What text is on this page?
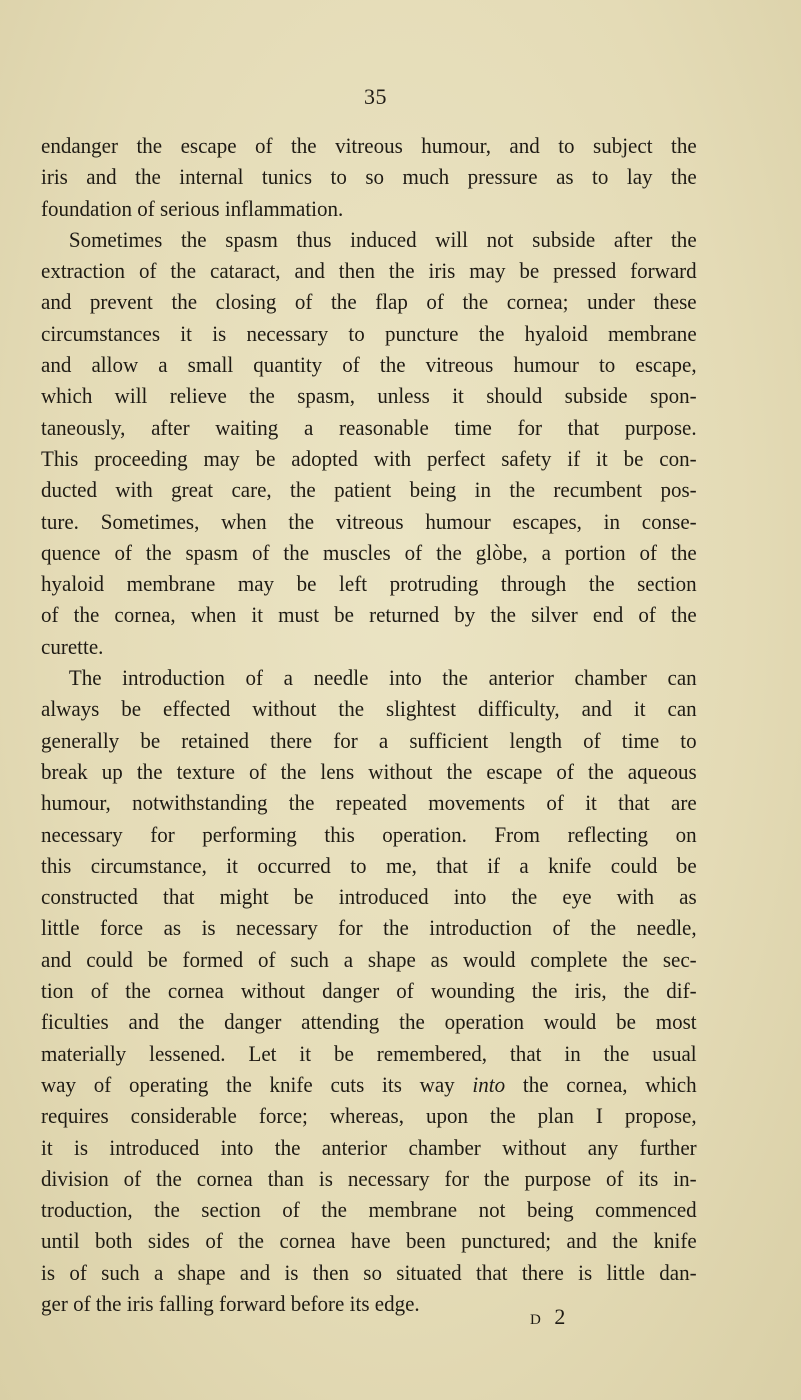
35
endanger the escape of the vitreous humour, and to subject the
iris and the internal tunics to so much pressure as to lay the
foundation of serious inflammation.
Sometimes the spasm thus induced will not subside after the
extraction of the cataract, and then the iris may be pressed forward
and prevent the closing of the flap of the cornea; under these
circumstances it is necessary to puncture the hyaloid membrane
and allow a small quantity of the vitreous humour to escape,
which will relieve the spasm, unless it should subside spon-
taneously, after waiting a reasonable time for that purpose.
This proceeding may be adopted with perfect safety if it be con-
ducted with great care, the patient being in the recumbent pos-
ture. Sometimes, when the vitreous humour escapes, in conse-
quence of the spasm of the muscles of the glòbe, a portion of the
hyaloid membrane may be left protruding through the section
of the cornea, when it must be returned by the silver end of the
curette.
The introduction of a needle into the anterior chamber can
always be effected without the slightest difficulty, and it can
generally be retained there for a sufficient length of time to
break up the texture of the lens without the escape of the aqueous
humour, notwithstanding the repeated movements of it that are
necessary for performing this operation. From reflecting on
this circumstance, it occurred to me, that if a knife could be
constructed that might be introduced into the eye with as
little force as is necessary for the introduction of the needle,
and could be formed of such a shape as would complete the sec-
tion of the cornea without danger of wounding the iris, the dif-
ficulties and the danger attending the operation would be most
materially lessened. Let it be remembered, that in the usual
way of operating the knife cuts its way into the cornea, which
requires considerable force; whereas, upon the plan I propose,
it is introduced into the anterior chamber without any further
division of the cornea than is necessary for the purpose of its in-
troduction, the section of the membrane not being commenced
until both sides of the cornea have been punctured; and the knife
is of such a shape and is then so situated that there is little dan-
ger of the iris falling forward before its edge.
D 2
